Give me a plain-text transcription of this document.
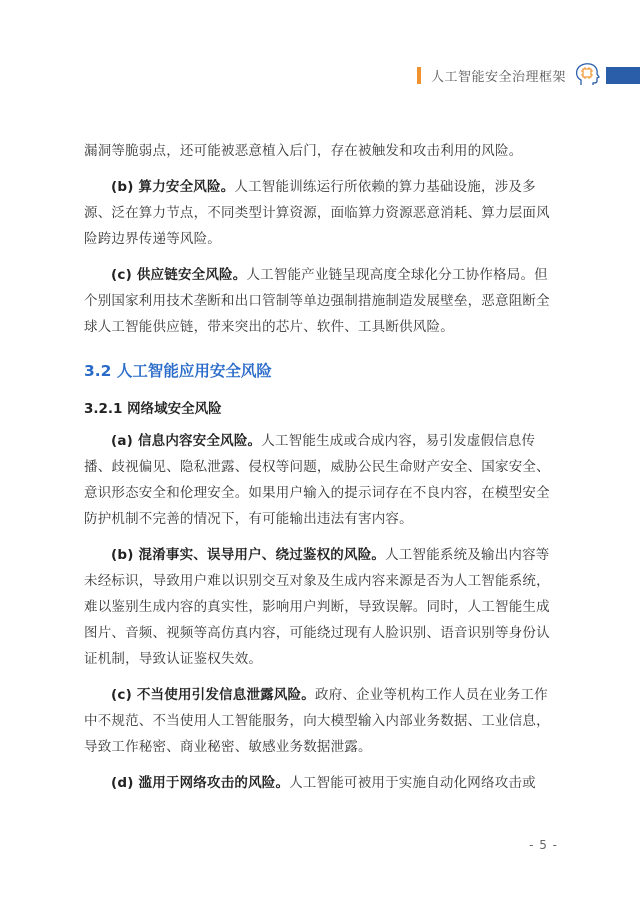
人工智能安全治理框架

漏洞等脆弱点，还可能被恶意植入后门，存在被触发和攻击利用的风险。

(b) 算力安全风险。人工智能训练运行所依赖的算力基础设施，涉及多源、泛在算力节点，不同类型计算资源，面临算力资源恶意消耗、算力层面风险跨边界传递等风险。

(c) 供应链安全风险。人工智能产业链呈现高度全球化分工协作格局。但个别国家利用技术垄断和出口管制等单边强制措施制造发展壁垒，恶意阻断全球人工智能供应链，带来突出的芯片、软件、工具断供风险。

3.2 人工智能应用安全风险
3.2.1 网络域安全风险

(a) 信息内容安全风险。人工智能生成或合成内容，易引发虚假信息传播、歧视偏见、隐私泄露、侵权等问题，威胁公民生命财产安全、国家安全、意识形态安全和伦理安全。如果用户输入的提示词存在不良内容，在模型安全防护机制不完善的情况下，有可能输出违法有害内容。

(b) 混淆事实、误导用户、绕过鉴权的风险。人工智能系统及输出内容等未经标识，导致用户难以识别交互对象及生成内容来源是否为人工智能系统，难以鉴别生成内容的真实性，影响用户判断，导致误解。同时，人工智能生成图片、音频、视频等高仿真内容，可能绕过现有人脸识别、语音识别等身份认证机制，导致认证鉴权失效。

(c) 不当使用引发信息泄露风险。政府、企业等机构工作人员在业务工作中不规范、不当使用人工智能服务，向大模型输入内部业务数据、工业信息，导致工作秘密、商业秘密、敏感业务数据泄露。

(d) 滥用于网络攻击的风险。人工智能可被用于实施自动化网络攻击或

- 5 -
